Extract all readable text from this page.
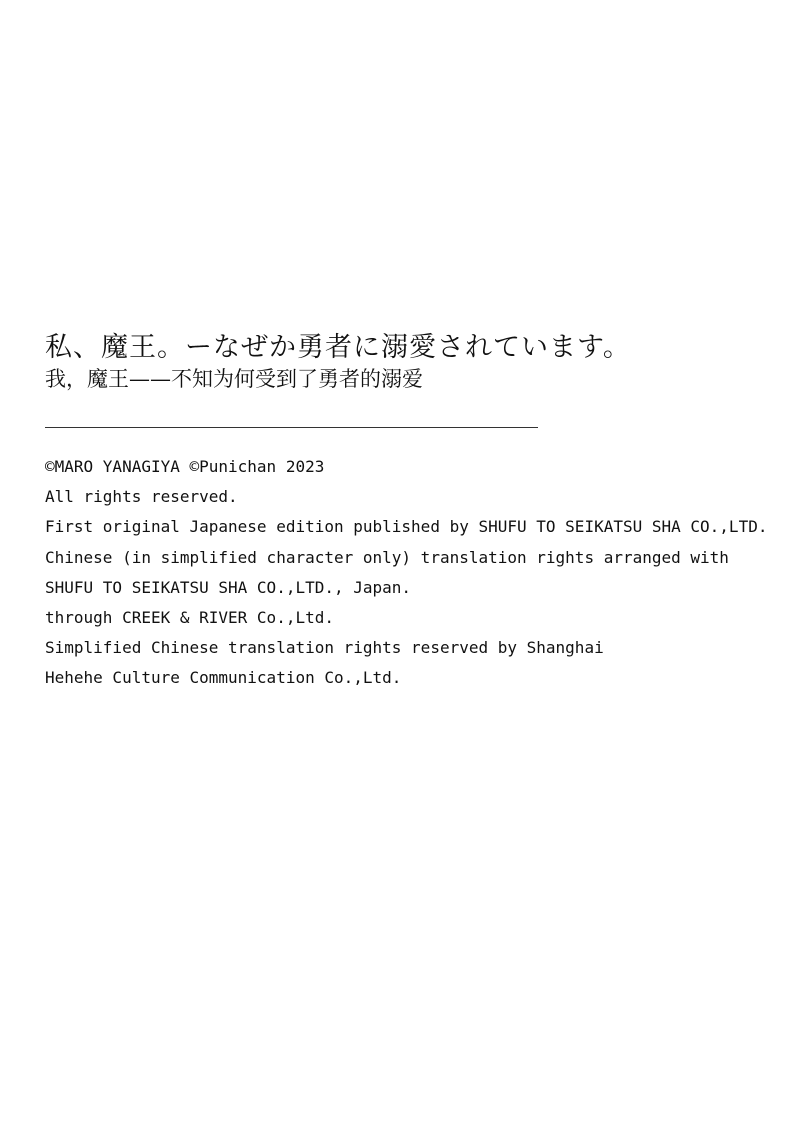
私、魔王。ーなぜか勇者に溺愛されています。
我，魔王——不知为何受到了勇者的溺爱
©MARO YANAGIYA ©Punichan 2023
All rights reserved.
First original Japanese edition published by SHUFU TO SEIKATSU SHA CO.,LTD.
Chinese (in simplified character only) translation rights arranged with
SHUFU TO SEIKATSU SHA CO.,LTD., Japan.
through CREEK & RIVER Co.,Ltd.
Simplified Chinese translation rights reserved by Shanghai
Hehehe Culture Communication Co.,Ltd.
